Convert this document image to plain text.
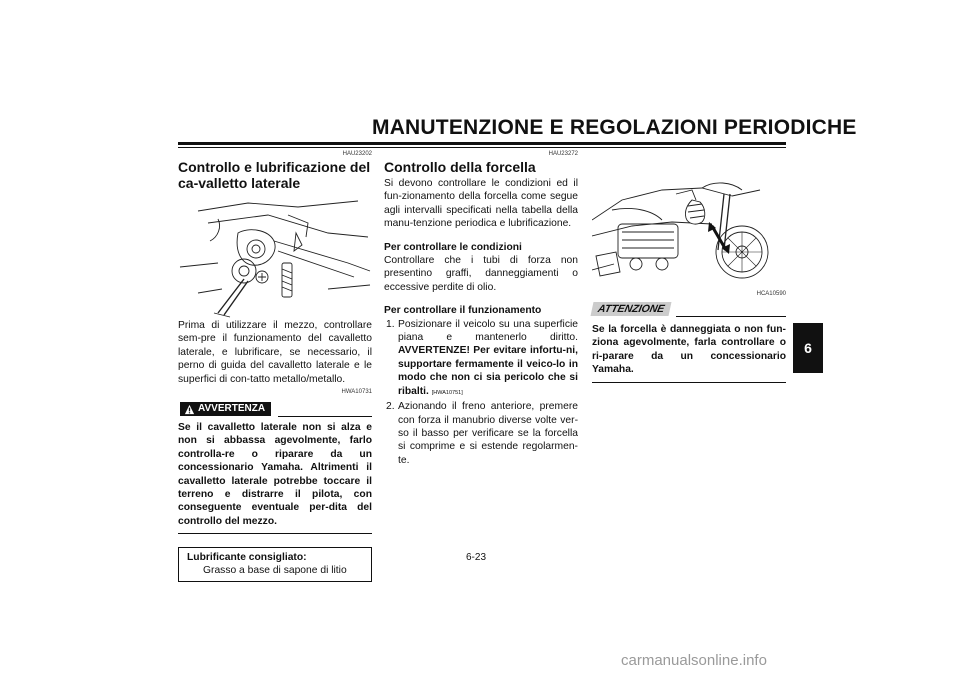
MANUTENZIONE E REGOLAZIONI PERIODICHE
6
HAU23202
Controllo e lubrificazione del ca-valletto laterale

Prima di utilizzare il mezzo, controllare sem-pre il funzionamento del cavalletto laterale, e lubrificare, se necessario, il perno di guida del cavalletto laterale e le superfici di con-tatto metallo/metallo.

HWA10731
AVVERTENZA

Se il cavalletto laterale non si alza e non si abbassa agevolmente, farlo controlla-re o riparare da un concessionario Yamaha. Altrimenti il cavalletto laterale potrebbe toccare il terreno e distrarre il pilota, con conseguente eventuale per-dita del controllo del mezzo.

Lubrificante consigliato:
Grasso a base di sapone di litio
HAU23272
Controllo della forcella

Si devono controllare le condizioni ed il fun-zionamento della forcella come segue agli intervalli specificati nella tabella della manu-tenzione periodica e lubrificazione.

Per controllare le condizioni

Controllare che i tubi di forza non presentino graffi, danneggiamenti o eccessive perdite di olio.

Per controllare il funzionamento
1. Posizionare il veicolo su una superficie piana e mantenerlo diritto. AVVERTENZE! Per evitare infortu-ni, supportare fermamente il veico-lo in modo che non ci sia pericolo che si ribalti. [HWA10751]
2. Azionando il freno anteriore, premere con forza il manubrio diverse volte ver-so il basso per verificare se la forcella si comprime e si estende regolarmen-te.
HCA10590
ATTENZIONE

Se la forcella è danneggiata o non fun-ziona agevolmente, farla controllare o ri-parare da un concessionario Yamaha.

6-23
carmanualsonline.info
